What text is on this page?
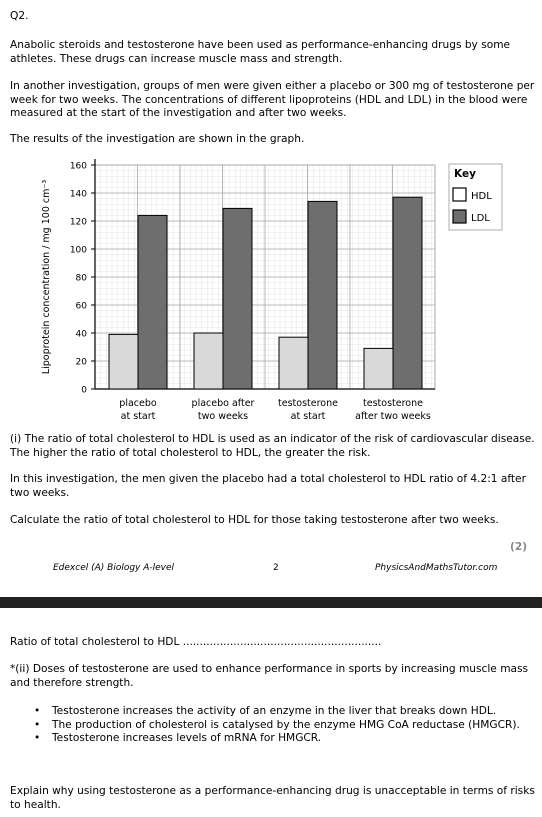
Q2.

Anabolic steroids and testosterone have been used as performance-enhancing drugs by some athletes. These drugs can increase muscle mass and strength.

In another investigation, groups of men were given either a placebo or 300 mg of testosterone per week for two weeks. The concentrations of different lipoproteins (HDL and LDL) in the blood were measured at the start of the investigation and after two weeks.

The results of the investigation are shown in the graph.

0
20
40
60
80
100
120
140
160
placebo
at start
placebo after
two weeks
testosterone
at start
testosterone
after two weeks
Lipoprotein concentration / mg 100 cm⁻³
Key
HDL
LDL

(i) The ratio of total cholesterol to HDL is used as an indicator of the risk of cardiovascular disease. The higher the ratio of total cholesterol to HDL, the greater the risk.

In this investigation, the men given the placebo had a total cholesterol to HDL ratio of 4.2:1 after two weeks.

Calculate the ratio of total cholesterol to HDL for those taking testosterone after two weeks.

(2)
Edexcel (A) Biology A-level	2	PhysicsAndMathsTutor.com

Ratio of total cholesterol to HDL ...........................................................

*(ii) Doses of testosterone are used to enhance performance in sports by increasing muscle mass and therefore strength.

• Testosterone increases the activity of an enzyme in the liver that breaks down HDL.
• The production of cholesterol is catalysed by the enzyme HMG CoA reductase (HMGCR).
• Testosterone increases levels of mRNA for HMGCR.

Explain why using testosterone as a performance-enhancing drug is unacceptable in terms of risks to health.
